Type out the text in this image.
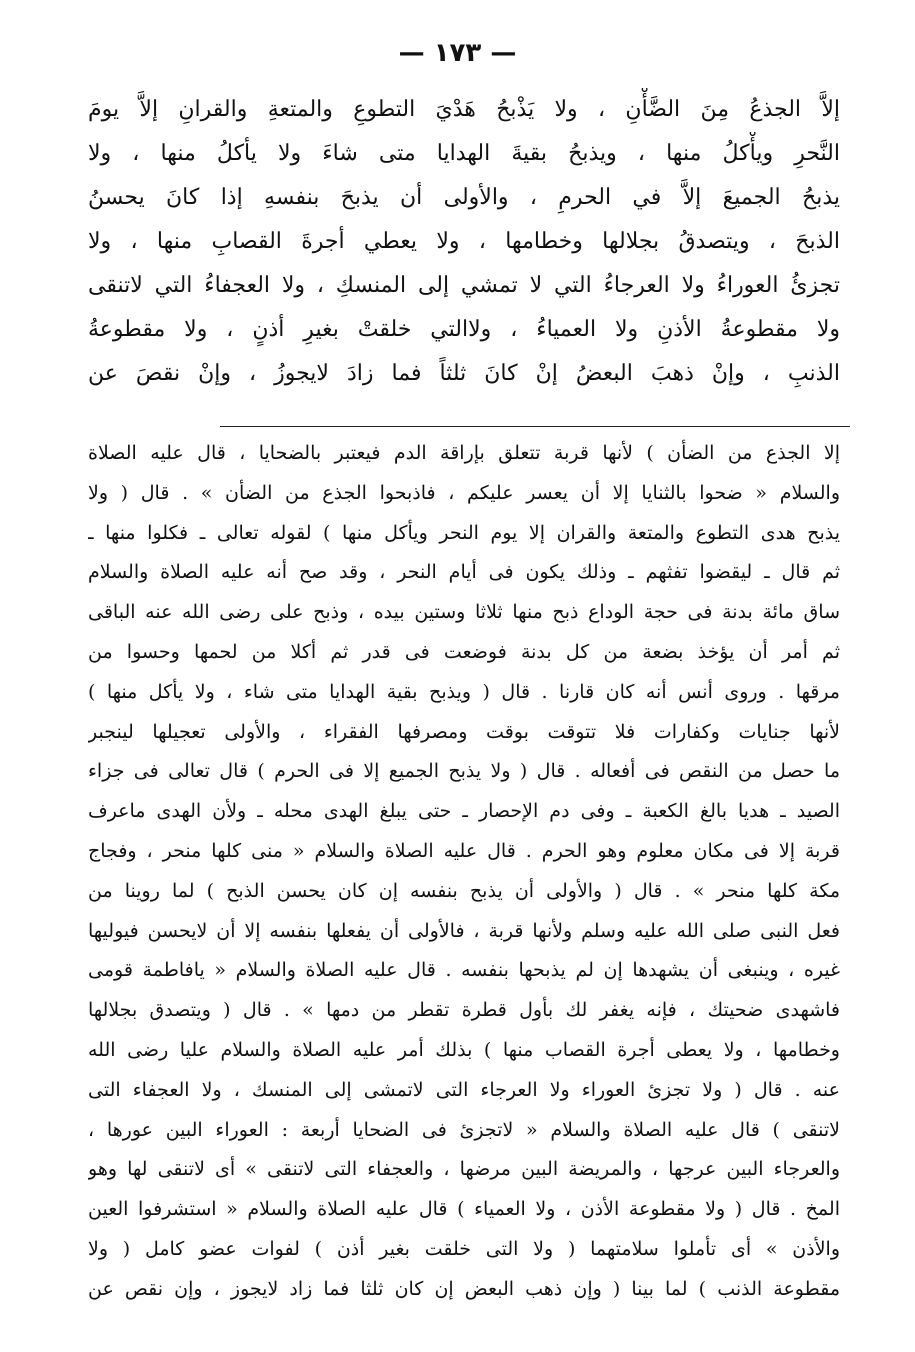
— ١٧٣ —
إلاَّ الجذعُ مِنَ الضَّأْنِ ، ولا يَذْبحُ هَدْيَ التطوعِ والمتعةِ والقرانِ إلاَّ يومَ
النَّحرِ ويأْكلُ منها ، ويذبحُ بقيةَ الهدايا متى شاءَ ولا يأكلُ منها ، ولا
يذبحُ الجميعَ إلاَّ في الحرمِ ، والأولى أن يذبحَ بنفسهِ إذا كانَ يحسنُ
الذبحَ ، ويتصدقُ بجلالها وخطامها ، ولا يعطي أجرةَ القصابِ منها ، ولا
تجزئُ العوراءُ ولا العرجاءُ التي لا تمشي إلى المنسكِ ، ولا العجفاءُ التي لاتنقى
ولا مقطوعةُ الأذنِ ولا العمياءُ ، ولاالتي خلقتْ بغيرِ أذنٍ ، ولا مقطوعةُ
الذنبِ ، وإنْ ذهبَ البعضُ إنْ كانَ ثلثاً فما زادَ لايجوزُ ، وإنْ نقصَ عن
إلا الجذع من الضأن ) لأنها قربة تتعلق بإراقة الدم فيعتبر بالضحايا ، قال عليه الصلاة
والسلام « ضحوا بالثنايا إلا أن يعسر عليكم ، فاذبحوا الجذع من الضأن » . قال ( ولا
يذبح هدى التطوع والمتعة والقران إلا يوم النحر ويأكل منها ) لقوله تعالى ـ فكلوا منها ـ
ثم قال ـ ليقضوا تفثهم ـ وذلك يكون فى أيام النحر ، وقد صح أنه عليه الصلاة والسلام
ساق مائة بدنة فى حجة الوداع ذبح منها ثلاثا وستين بيده ، وذبح على رضى الله عنه الباقى
ثم أمر أن يؤخذ بضعة من كل بدنة فوضعت فى قدر ثم أكلا من لحمها وحسوا من
مرقها . وروى أنس أنه كان قارنا . قال ( ويذبح بقية الهدايا متى شاء ، ولا يأكل منها )
لأنها جنايات وكفارات فلا تتوقت بوقت ومصرفها الفقراء ، والأولى تعجيلها لينجبر
ما حصل من النقص فى أفعاله . قال ( ولا يذبح الجميع إلا فى الحرم ) قال تعالى فى جزاء
الصيد ـ هديا بالغ الكعبة ـ وفى دم الإحصار ـ حتى يبلغ الهدى محله ـ ولأن الهدى ماعرف
قربة إلا فى مكان معلوم وهو الحرم . قال عليه الصلاة والسلام « منى كلها منحر ، وفجاج
مكة كلها منحر » . قال ( والأولى أن يذبح بنفسه إن كان يحسن الذبح ) لما روينا من
فعل النبى صلى الله عليه وسلم ولأنها قربة ، فالأولى أن يفعلها بنفسه إلا أن لايحسن فيوليها
غيره ، وينبغى أن يشهدها إن لم يذبحها بنفسه . قال عليه الصلاة والسلام « يافاطمة قومى
فاشهدى ضحيتك ، فإنه يغفر لك بأول قطرة تقطر من دمها » . قال ( ويتصدق بجلالها
وخطامها ، ولا يعطى أجرة القصاب منها ) بذلك أمر عليه الصلاة والسلام عليا رضى الله
عنه . قال ( ولا تجزئ العوراء ولا العرجاء التى لاتمشى إلى المنسك ، ولا العجفاء التى
لاتنقى ) قال عليه الصلاة والسلام « لاتجزئ فى الضحايا أربعة : العوراء البين عورها ،
والعرجاء البين عرجها ، والمريضة البين مرضها ، والعجفاء التى لاتنقى » أى لاتنقى لها وهو
المخ . قال ( ولا مقطوعة الأذن ، ولا العمياء ) قال عليه الصلاة والسلام « استشرفوا العين
والأذن » أى تأملوا سلامتهما ( ولا التى خلقت بغير أذن ) لفوات عضو كامل ( ولا
مقطوعة الذنب ) لما بينا ( وإن ذهب البعض إن كان ثلثا فما زاد لايجوز ، وإن نقص عن
